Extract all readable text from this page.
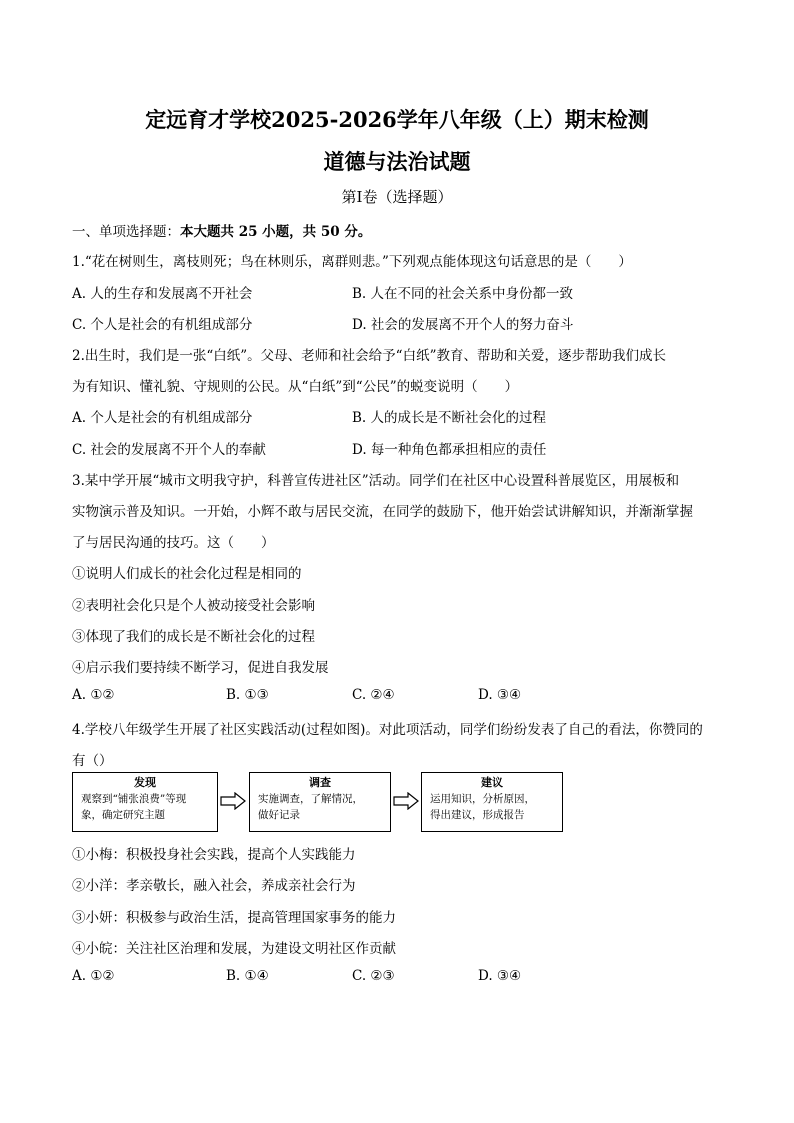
定远育才学校2025-2026学年八年级（上）期末检测
道德与法治试题
第Ⅰ卷（选择题）
一、单项选择题：本大题共 25 小题，共 50 分。
1.“花在树则生，离枝则死；鸟在林则乐，离群则悲。”下列观点能体现这句话意思的是（　　）
A. 人的生存和发展离不开社会	B. 人在不同的社会关系中身份都一致
C. 个人是社会的有机组成部分	D. 社会的发展离不开个人的努力奋斗
2.出生时，我们是一张“白纸”。父母、老师和社会给予“白纸”教育、帮助和关爱，逐步帮助我们成长
为有知识、懂礼貌、守规则的公民。从“白纸”到“公民”的蜕变说明（　　）
A. 个人是社会的有机组成部分	B. 人的成长是不断社会化的过程
C. 社会的发展离不开个人的奉献	D. 每一种角色都承担相应的责任
3.某中学开展“城市文明我守护，科普宣传进社区”活动。同学们在社区中心设置科普展览区，用展板和
实物演示普及知识。一开始，小辉不敢与居民交流，在同学的鼓励下，他开始尝试讲解知识，并渐渐掌握
了与居民沟通的技巧。这（　　）
①说明人们成长的社会化过程是相同的
②表明社会化只是个人被动接受社会影响
③体现了我们的成长是不断社会化的过程
④启示我们要持续不断学习，促进自我发展
A. ①②	B. ①③	C. ②④	D. ③④
4.学校八年级学生开展了社区实践活动(过程如图)。对此项活动，同学们纷纷发表了自己的看法，你赞同的
有（）
发现
观察到“铺张浪费”等现
象，确定研究主题
调查
实施调查，了解情况，
做好记录
建议
运用知识，分析原因，
得出建议，形成报告
①小梅：积极投身社会实践，提高个人实践能力
②小洋：孝亲敬长，融入社会，养成亲社会行为
③小妍：积极参与政治生活，提高管理国家事务的能力
④小皖：关注社区治理和发展，为建设文明社区作贡献
A. ①②	B. ①④	C. ②③	D. ③④
